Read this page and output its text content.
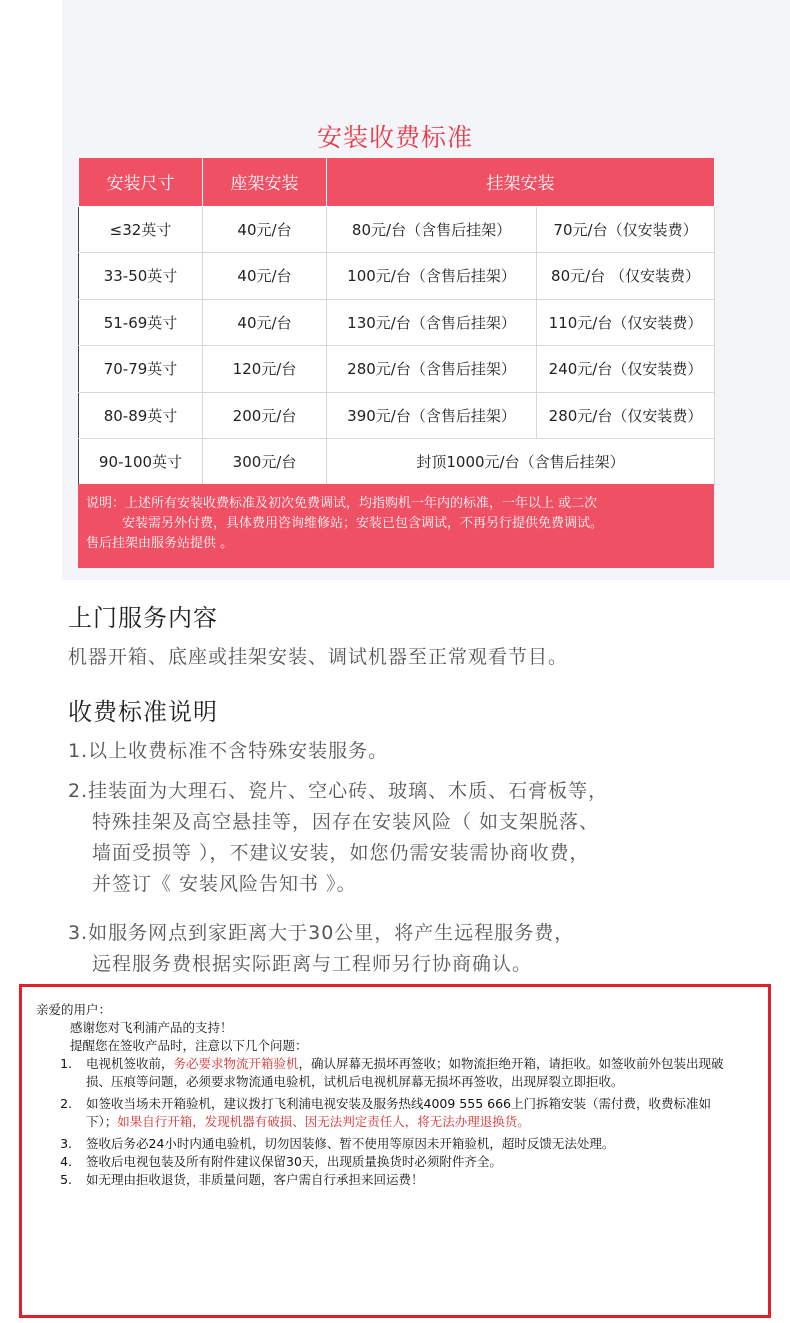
安装收费标准
安装尺寸	座架安装	挂架安装	
≤32英寸	40元/台	80元/台（含售后挂架）	70元/台（仅安装费）
33-50英寸	40元/台	100元/台（含售后挂架）	80元/台 （仅安装费）
51-69英寸	40元/台	130元/台（含售后挂架）	110元/台（仅安装费）
70-79英寸	120元/台	280元/台（含售后挂架）	240元/台（仅安装费）
80-89英寸	200元/台	390元/台（含售后挂架）	280元/台（仅安装费）
90-100英寸	300元/台	封顶1000元/台（含售后挂架）	
说明：上述所有安装收费标准及初次免费调试，均指购机一年内的标准，一年以上 或二次
安装需另外付费，具体费用咨询维修站；安装已包含调试，不再另行提供免费调试。
售后挂架由服务站提供 。
上门服务内容
机器开箱、底座或挂架安装、调试机器至正常观看节目。
收费标准说明
1.以上收费标准不含特殊安装服务。
2.挂装面为大理石、瓷片、空心砖、玻璃、木质、石膏板等，
特殊挂架及高空悬挂等，因存在安装风险（ 如支架脱落、
墙面受损等 ），不建议安装，如您仍需安装需协商收费，
并签订《 安装风险告知书 》。
3.如服务网点到家距离大于30公里，将产生远程服务费，
远程服务费根据实际距离与工程师另行协商确认。
亲爱的用户：
感谢您对飞利浦产品的支持！
提醒您在签收产品时，注意以下几个问题：
1.	电视机签收前，务必要求物流开箱验机，确认屏幕无损坏再签收；如物流拒绝开箱，请拒收。如签收前外包装出现破损、压痕等问题，必须要求物流通电验机，试机后电视机屏幕无损坏再签收，出现屏裂立即拒收。
2.	如签收当场未开箱验机，建议拨打飞利浦电视安装及服务热线4009 555 666上门拆箱安装（需付费，收费标准如下）；如果自行开箱，发现机器有破损、因无法判定责任人，将无法办理退换货。
3.	签收后务必24小时内通电验机，切勿因装修、暂不使用等原因未开箱验机，超时反馈无法处理。
4.	签收后电视包装及所有附件建议保留30天，出现质量换货时必须附件齐全。
5.	如无理由拒收退货，非质量问题，客户需自行承担来回运费！
